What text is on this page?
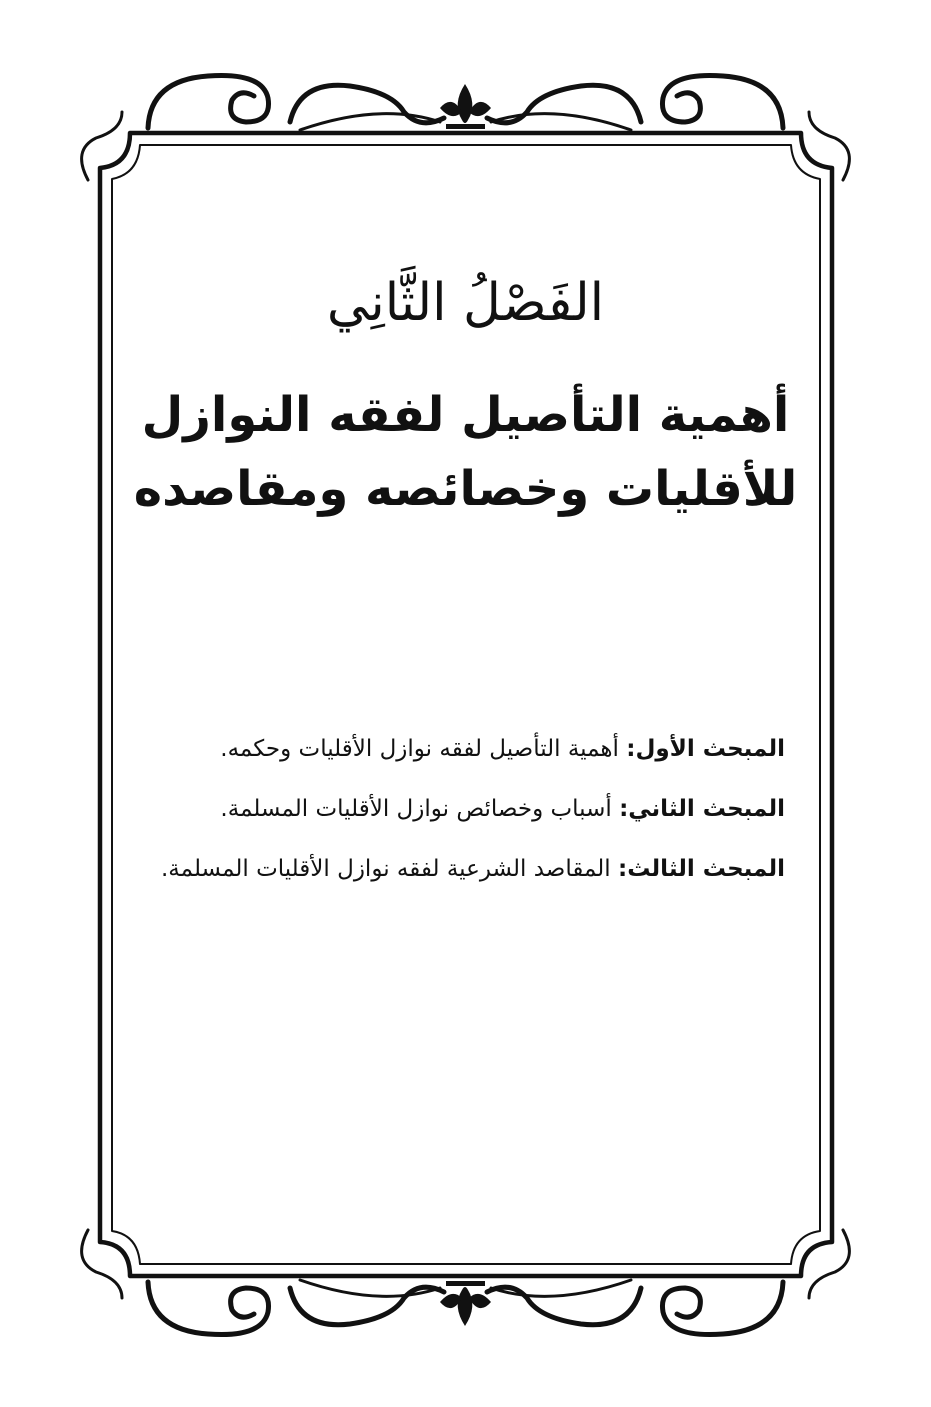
الفَصْلُ الثَّانِي
أهمية التأصيل لفقه النوازل
للأقليات وخصائصه ومقاصده

المبحث الأول: أهمية التأصيل لفقه نوازل الأقليات وحكمه.

المبحث الثاني: أسباب وخصائص نوازل الأقليات المسلمة.

المبحث الثالث: المقاصد الشرعية لفقه نوازل الأقليات المسلمة.
